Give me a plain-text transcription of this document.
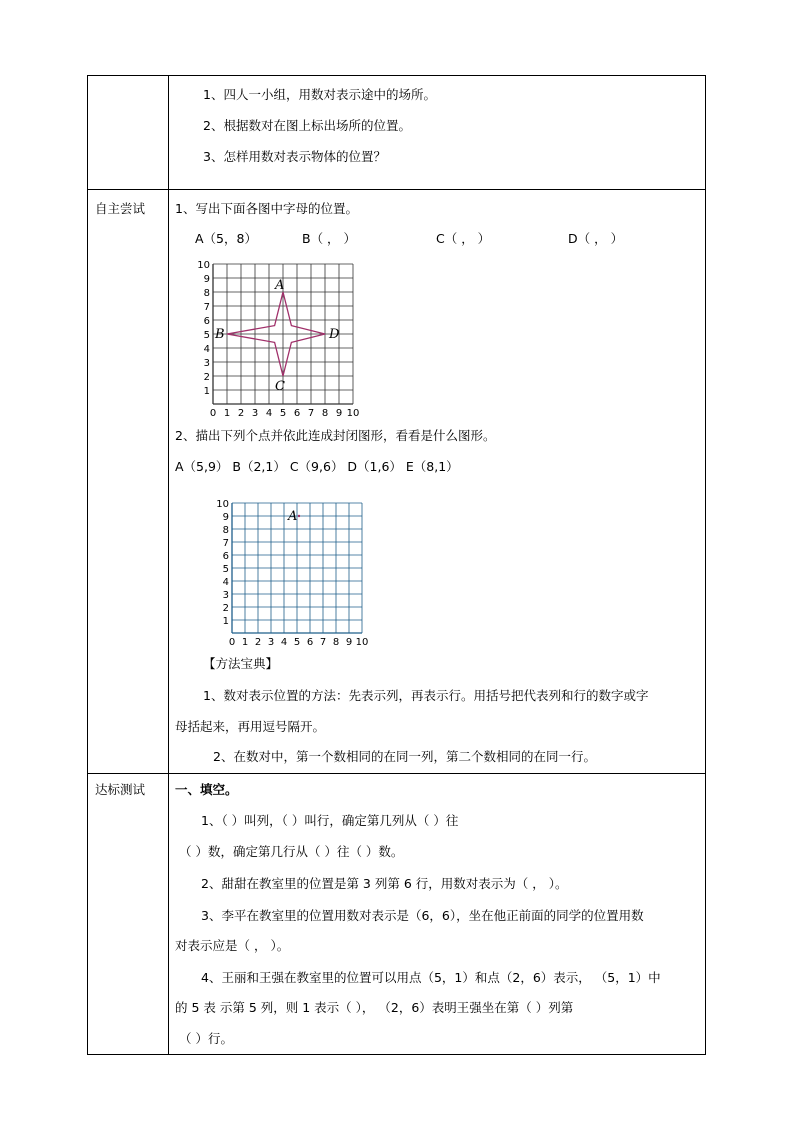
1、四人一小组，用数对表示途中的场所。
2、根据数对在图上标出场所的位置。
3、怎样用数对表示物体的位置？
自主尝试 1、写出下面各图中字母的位置。
A（5，8）	B（ ， ）	C（ ， ）	D（ ， ）
0 1
1
2
2
3
3
4
4
5
5
6
6
7
7
8
8
9
9
10
10
A
B
C
D
2、描出下列个点并依此连成封闭图形，看看是什么图形。
A（5,9） B（2,1） C（9,6） D（1,6） E（8,1）
0 1
1
2
2
3
3
4
4
5
5
6
6
7
7
8
8
9
9
10
10
A
【方法宝典】
1、数对表示位置的方法：先表示列，再表示行。用括号把代表列和行的数字或字
母括起来，再用逗号隔开。
2、在数对中，第一个数相同的在同一列，第二个数相同的在同一行。
达标测试 一、填空。
1、（ ）叫列，（ ）叫行，确定第几列从（ ）往
（ ）数，确定第几行从（ ）往（ ）数。
2、甜甜在教室里的位置是第 3 列第 6 行，用数对表示为（ ， ）。
3、李平在教室里的位置用数对表示是（6，6），坐在他正前面的同学的位置用数
对表示应是（ ， ）。
4、王丽和王强在教室里的位置可以用点（5，1）和点（2，6）表示， （5，1）中
的 5 表 示第 5 列，则 1 表示（ ）， （2，6）表明王强坐在第（ ）列第
（ ）行。
